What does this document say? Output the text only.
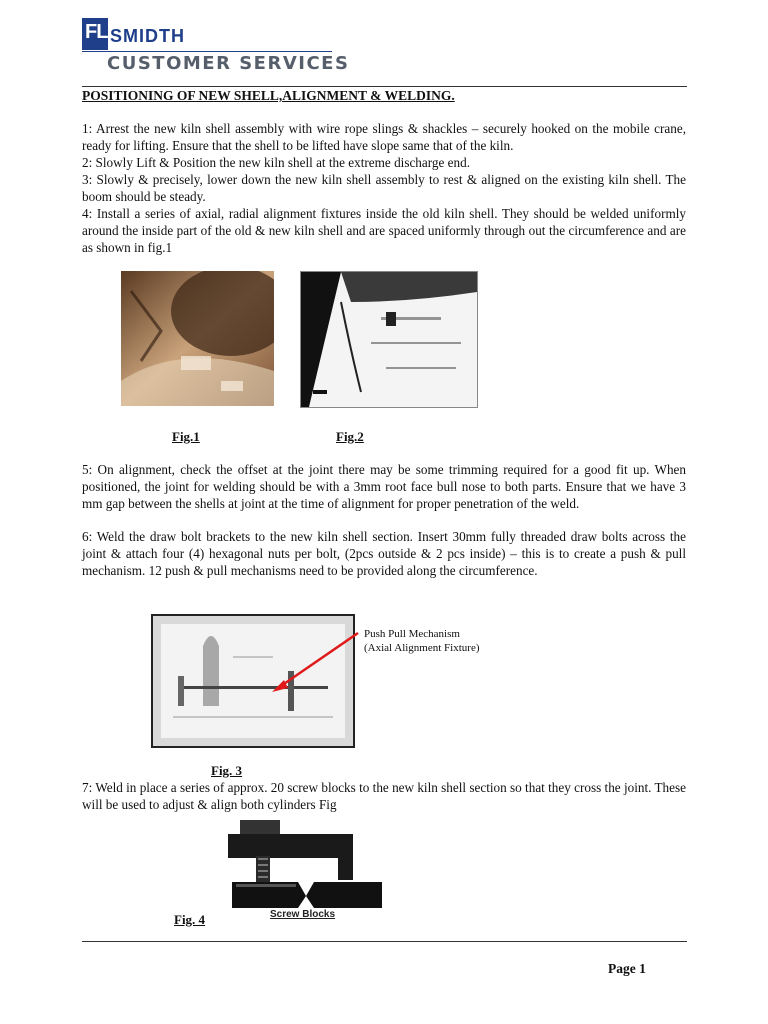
FL SMIDTH
CUSTOMER SERVICES
POSITIONING OF NEW SHELL,ALIGNMENT & WELDING.
1: Arrest the new kiln shell assembly with wire rope slings & shackles – securely hooked on the mobile crane, ready for lifting. Ensure that the shell to be lifted have slope same that of the kiln.
2: Slowly Lift & Position the new kiln shell at the extreme discharge end.
3: Slowly & precisely, lower down the new kiln shell assembly to rest & aligned on the existing kiln shell. The boom should be steady.
4: Install a series of axial, radial alignment fixtures inside the old kiln shell. They should be welded uniformly around the inside part of the old & new kiln shell and are spaced uniformly through out the circumference and are as shown in fig.1
Fig.1	Fig.2
5: On alignment, check the offset at the joint there may be some trimming required for a good fit up. When positioned, the joint for welding should be with a 3mm root face bull nose to both parts. Ensure that we have 3 mm gap between the shells at joint at the time of alignment for proper penetration of the weld.
6: Weld the draw bolt brackets to the new kiln shell section. Insert 30mm fully threaded draw bolts across the joint & attach four (4) hexagonal nuts per bolt, (2pcs outside & 2 pcs inside) – this is to create a push & pull mechanism. 12 push & pull mechanisms need to be provided along the circumference.
Push Pull Mechanism
(Axial Alignment Fixture)
Fig. 3
7: Weld in place a series of approx. 20 screw blocks to the new kiln shell section so that they cross the joint. These will be used to adjust & align both cylinders Fig
Screw Blocks
Fig. 4
Page 1
